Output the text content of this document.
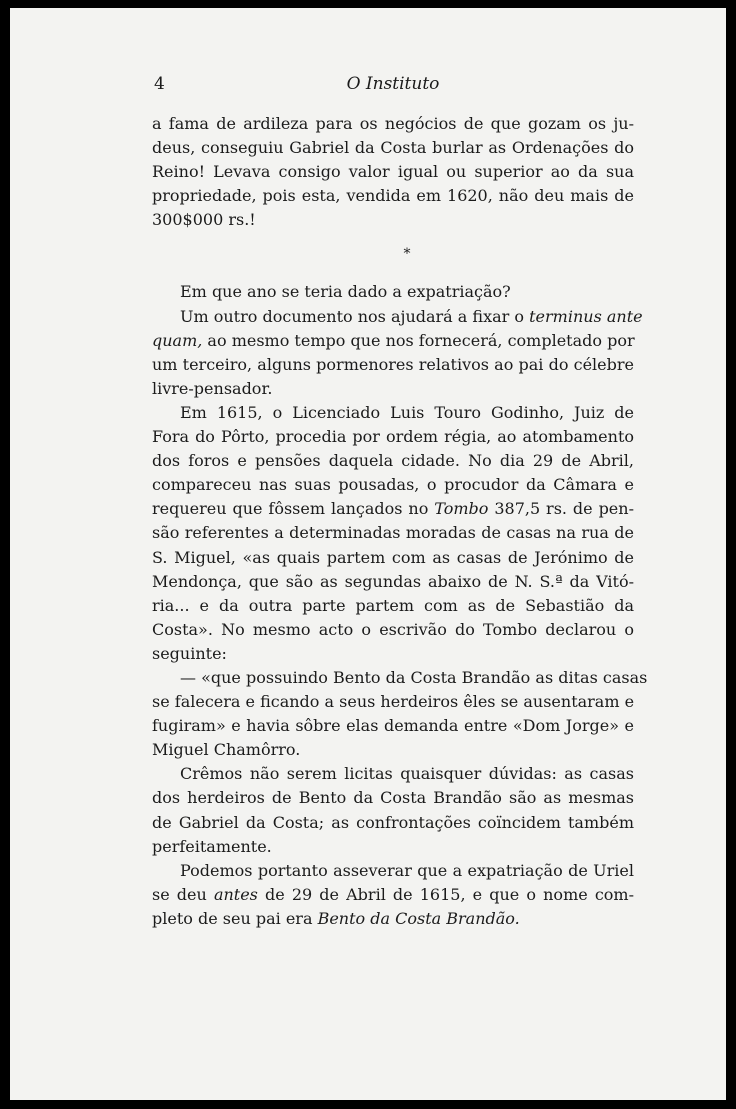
4	O Instituto
a fama de ardileza para os negócios de que gozam os ju-
deus, conseguiu Gabriel da Costa burlar as Ordenações do
Reino! Levava consigo valor igual ou superior ao da sua
propriedade, pois esta, vendida em 1620, não deu mais de
300$000 rs.!
*
Em que ano se teria dado a expatriação?
Um outro documento nos ajudará a fixar o terminus ante
quam, ao mesmo tempo que nos fornecerá, completado por
um terceiro, alguns pormenores relativos ao pai do célebre
livre-pensador.
Em 1615, o Licenciado Luis Touro Godinho, Juiz de
Fora do Pôrto, procedia por ordem régia, ao atombamento
dos foros e pensões daquela cidade. No dia 29 de Abril,
compareceu nas suas pousadas, o procudor da Câmara e
requereu que fôssem lançados no Tombo 387,5 rs. de pen-
são referentes a determinadas moradas de casas na rua de
S. Miguel, «as quais partem com as casas de Jerónimo de
Mendonça, que são as segundas abaixo de N. S.ª da Vitó-
ria... e da outra parte partem com as de Sebastião da
Costa». No mesmo acto o escrivão do Tombo declarou o
seguinte:
— «que possuindo Bento da Costa Brandão as ditas casas
se falecera e ficando a seus herdeiros êles se ausentaram e
fugiram» e havia sôbre elas demanda entre «Dom Jorge» e
Miguel Chamôrro.
Crêmos não serem licitas quaisquer dúvidas: as casas
dos herdeiros de Bento da Costa Brandão são as mesmas
de Gabriel da Costa; as confrontações coïncidem também
perfeitamente.
Podemos portanto asseverar que a expatriação de Uriel
se deu antes de 29 de Abril de 1615, e que o nome com-
pleto de seu pai era Bento da Costa Brandão.
